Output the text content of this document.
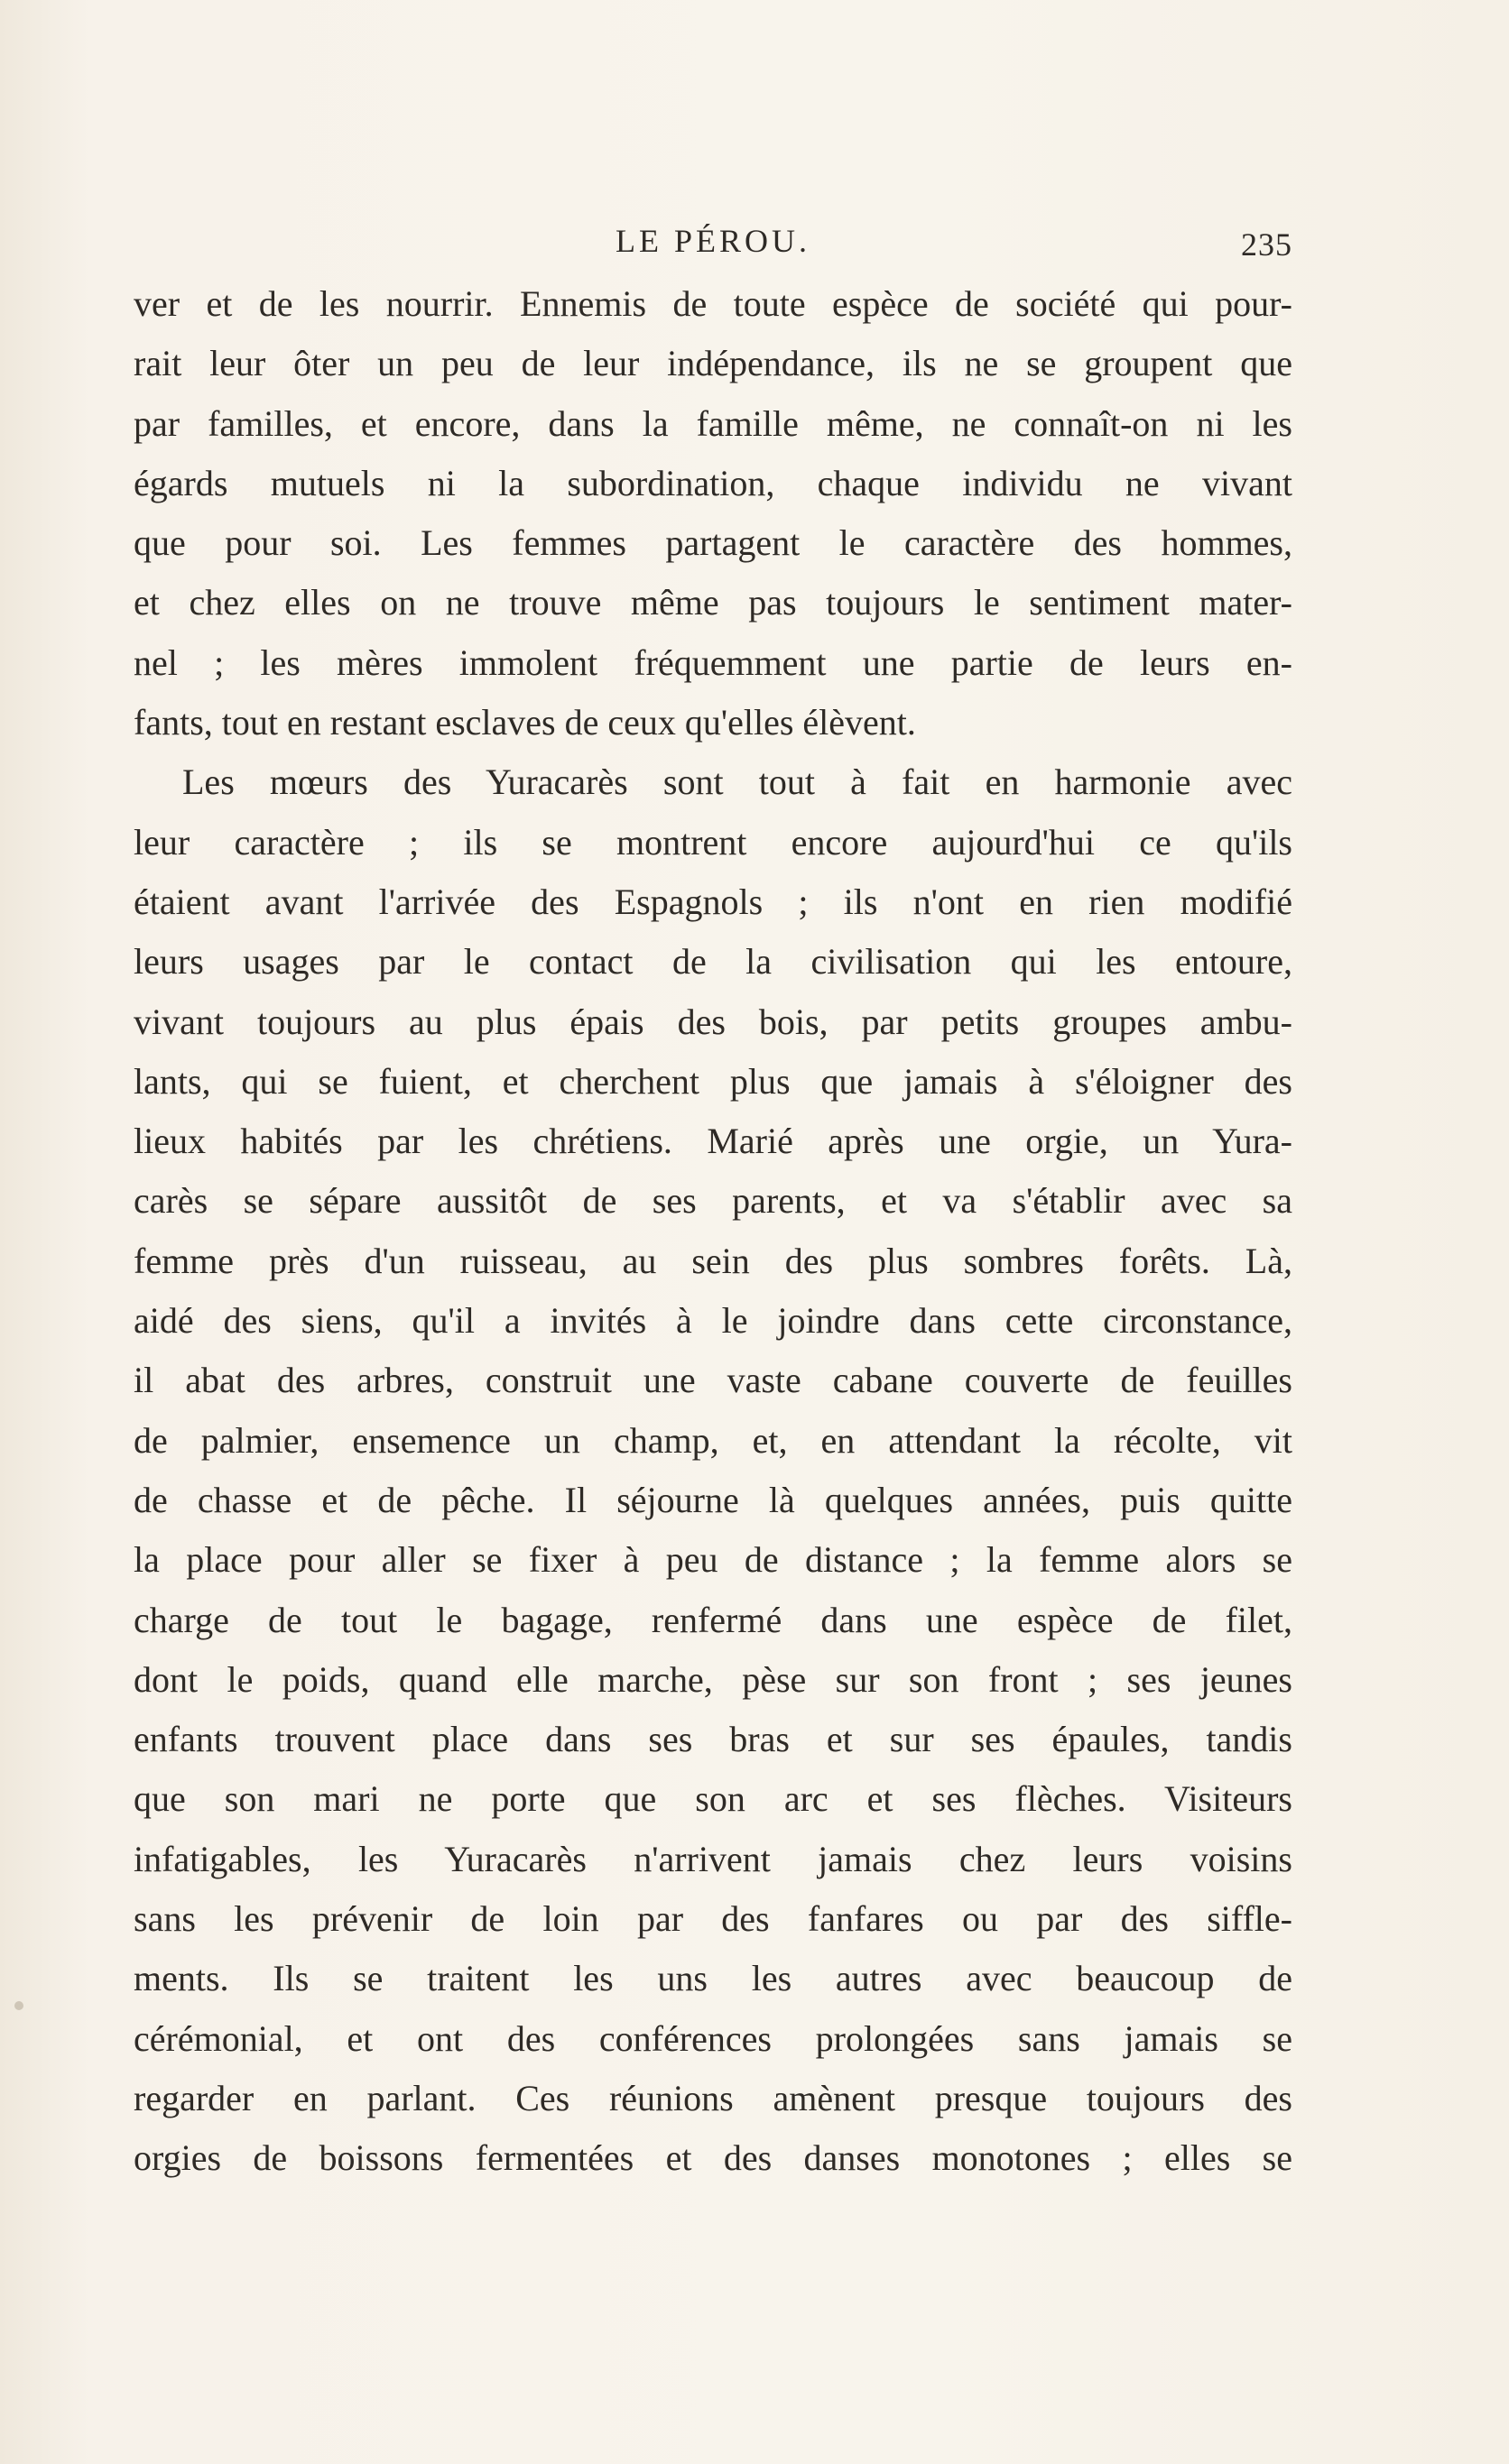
LE PÉROU.	235
ver et de les nourrir. Ennemis de toute espèce de société qui pour-
rait leur ôter un peu de leur indépendance, ils ne se groupent que
par familles, et encore, dans la famille même, ne connaît-on ni les
égards mutuels ni la subordination, chaque individu ne vivant
que pour soi. Les femmes partagent le caractère des hommes,
et chez elles on ne trouve même pas toujours le sentiment mater-
nel ; les mères immolent fréquemment une partie de leurs en-
fants, tout en restant esclaves de ceux qu'elles élèvent.
Les mœurs des Yuracarès sont tout à fait en harmonie avec
leur caractère ; ils se montrent encore aujourd'hui ce qu'ils
étaient avant l'arrivée des Espagnols ; ils n'ont en rien modifié
leurs usages par le contact de la civilisation qui les entoure,
vivant toujours au plus épais des bois, par petits groupes ambu-
lants, qui se fuient, et cherchent plus que jamais à s'éloigner des
lieux habités par les chrétiens. Marié après une orgie, un Yura-
carès se sépare aussitôt de ses parents, et va s'établir avec sa
femme près d'un ruisseau, au sein des plus sombres forêts. Là,
aidé des siens, qu'il a invités à le joindre dans cette circonstance,
il abat des arbres, construit une vaste cabane couverte de feuilles
de palmier, ensemence un champ, et, en attendant la récolte, vit
de chasse et de pêche. Il séjourne là quelques années, puis quitte
la place pour aller se fixer à peu de distance ; la femme alors se
charge de tout le bagage, renfermé dans une espèce de filet,
dont le poids, quand elle marche, pèse sur son front ; ses jeunes
enfants trouvent place dans ses bras et sur ses épaules, tandis
que son mari ne porte que son arc et ses flèches. Visiteurs
infatigables, les Yuracarès n'arrivent jamais chez leurs voisins
sans les prévenir de loin par des fanfares ou par des siffle-
ments. Ils se traitent les uns les autres avec beaucoup de
cérémonial, et ont des conférences prolongées sans jamais se
regarder en parlant. Ces réunions amènent presque toujours des
orgies de boissons fermentées et des danses monotones ; elles se
